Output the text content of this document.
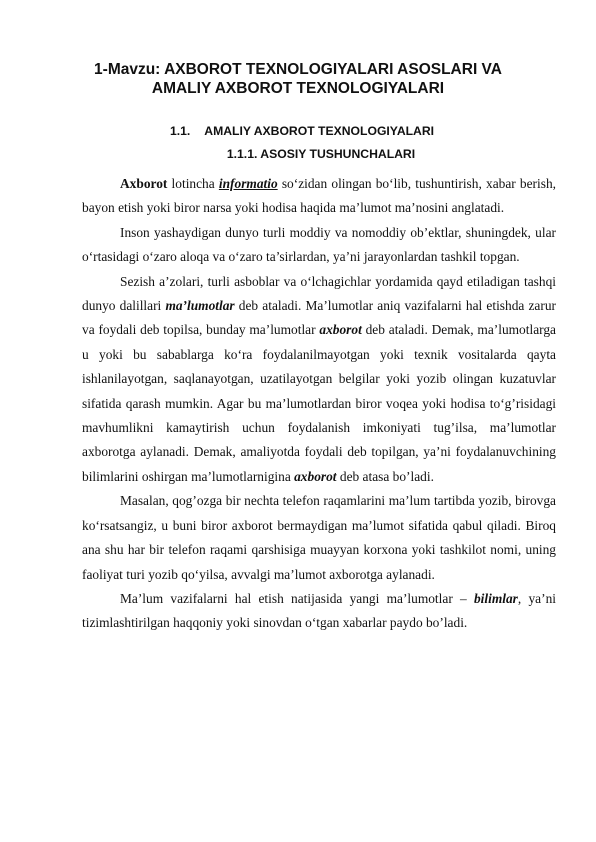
1-Mavzu: AXBOROT TEXNOLOGIYALARI ASOSLARI VA
AMALIY AXBOROT TEXNOLOGIYALARI
1.1. AMALIY AXBOROT TEXNOLOGIYALARI
1.1.1. ASOSIY TUSHUNCHALARI

Axborot lotincha informatio so‘zidan olingan bo‘lib, tushuntirish, xabar berish, bayon etish yoki biror narsa yoki hodisa haqida ma’lumot ma’nosini anglatadi.

Inson yashaydigan dunyo turli moddiy va nomoddiy ob’ektlar, shuningdek, ular o‘rtasidagi o‘zaro aloqa va o‘zaro ta’sirlardan, ya’ni jarayonlardan tashkil topgan.

Sezish a’zolari, turli asboblar va o‘lchagichlar yordamida qayd etiladigan tashqi dunyo dalillari ma’lumotlar deb ataladi. Ma’lumotlar aniq vazifalarni hal etishda zarur va foydali deb topilsa, bunday ma’lumotlar axborot deb ataladi. Demak, ma’lumotlarga u yoki bu sabablarga ko‘ra foydalanilmayotgan yoki texnik vositalarda qayta ishlanilayotgan, saqlanayotgan, uzatilayotgan belgilar yoki yozib olingan kuzatuvlar sifatida qarash mumkin. Agar bu ma’lumotlardan biror voqea yoki hodisa to‘g’risidagi mavhumlikni kamaytirish uchun foydalanish imkoniyati tug’ilsa, ma’lumotlar axborotga aylanadi. Demak, amaliyotda foydali deb topilgan, ya’ni foydalanuvchining bilimlarini oshirgan ma’lumotlarnigina axborot deb atasa bo’ladi.

Masalan, qog’ozga bir nechta telefon raqamlarini ma’lum tartibda yozib, birovga ko‘rsatsangiz, u buni biror axborot bermaydigan ma’lumot sifatida qabul qiladi. Biroq ana shu har bir telefon raqami qarshisiga muayyan korxona yoki tashkilot nomi, uning faoliyat turi yozib qo‘yilsa, avvalgi ma’lumot axborotga aylanadi.

Ma’lum vazifalarni hal etish natijasida yangi ma’lumotlar – bilimlar, ya’ni tizimlashtirilgan haqqoniy yoki sinovdan o‘tgan xabarlar paydo bo’ladi.
